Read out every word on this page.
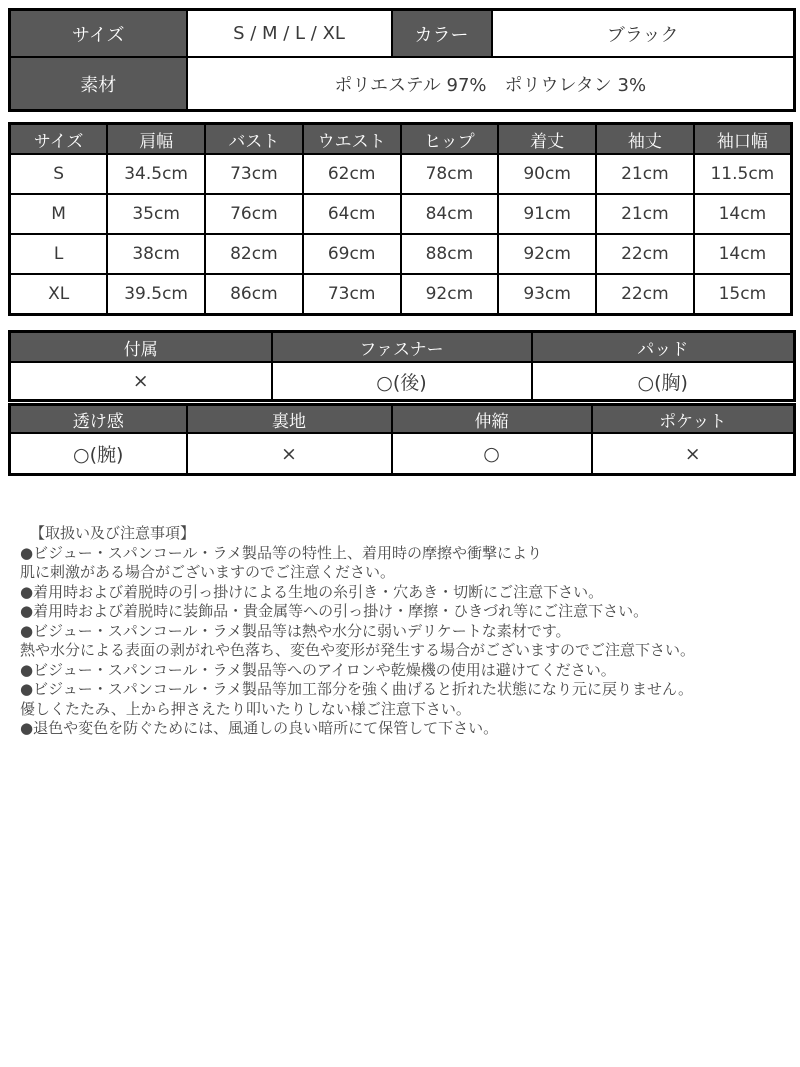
サイズ	S / M / L / XL	カラー	ブラック
素材	ポリエステル 97%　ポリウレタン 3%		
サイズ	肩幅	バスト	ウエスト	ヒップ	着丈	袖丈	袖口幅
S	34.5cm	73cm	62cm	78cm	90cm	21cm	11.5cm
M	35cm	76cm	64cm	84cm	91cm	21cm	14cm
L	38cm	82cm	69cm	88cm	92cm	22cm	14cm
XL	39.5cm	86cm	73cm	92cm	93cm	22cm	15cm
付属	ファスナー	パッド
×	○(後)	○(胸)
透け感	裏地	伸縮	ポケット
○(腕)	×	○	×
【取扱い及び注意事項】
●ビジュー・スパンコール・ラメ製品等の特性上、着用時の摩擦や衝撃により
肌に刺激がある場合がございますのでご注意ください。
●着用時および着脱時の引っ掛けによる生地の糸引き・穴あき・切断にご注意下さい。
●着用時および着脱時に装飾品・貴金属等への引っ掛け・摩擦・ひきづれ等にご注意下さい。
●ビジュー・スパンコール・ラメ製品等は熱や水分に弱いデリケートな素材です。
熱や水分による表面の剥がれや色落ち、変色や変形が発生する場合がございますのでご注意下さい。
●ビジュー・スパンコール・ラメ製品等へのアイロンや乾燥機の使用は避けてください。
●ビジュー・スパンコール・ラメ製品等加工部分を強く曲げると折れた状態になり元に戻りません。
優しくたたみ、上から押さえたり叩いたりしない様ご注意下さい。
●退色や変色を防ぐためには、風通しの良い暗所にて保管して下さい。
